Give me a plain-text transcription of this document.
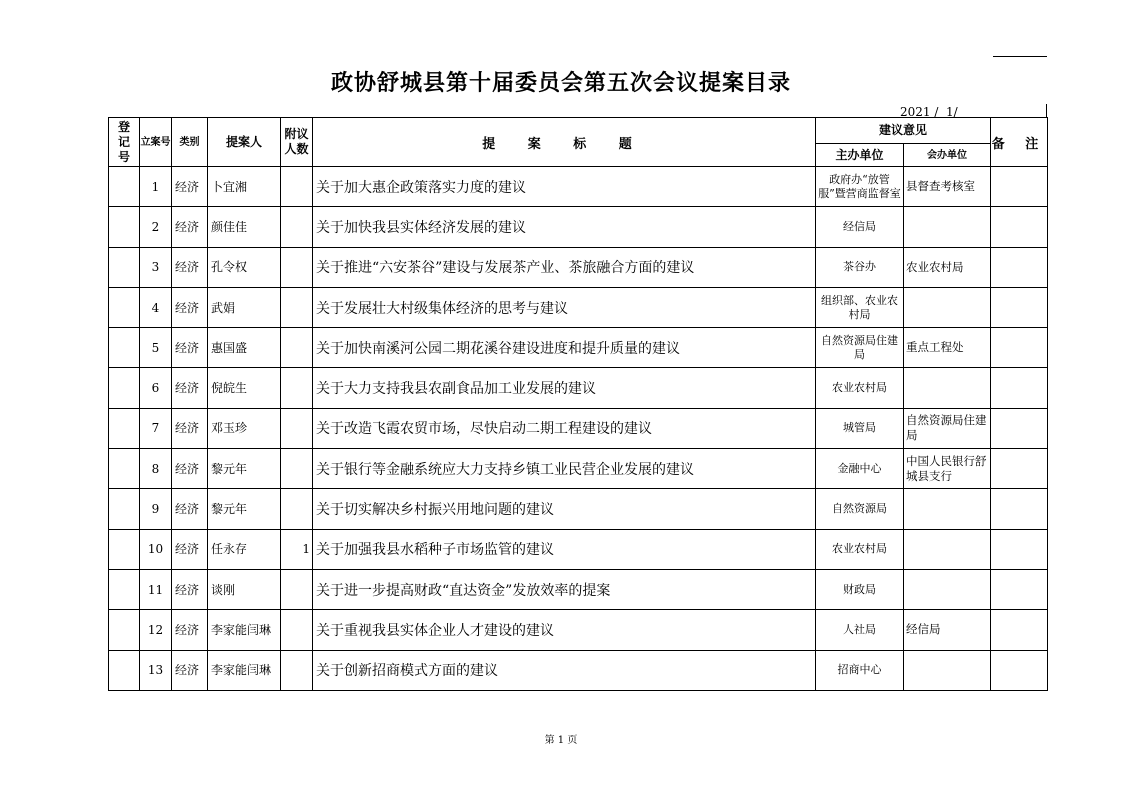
政协舒城县第十届委员会第五次会议提案目录
2021 /  1/
登记号	立案号	类别	提案人	附议人数	提 案 标 题	建议意见		备 注
						主办单位	会办单位	
	1	经济	卜宜湘		关于加大惠企政策落实力度的建议	政府办“放管服”暨营商监督室	县督查考核室	
	2	经济	颜佳佳		关于加快我县实体经济发展的建议	经信局		
	3	经济	孔令权		关于推进“六安茶谷”建设与发展茶产业、茶旅融合方面的建议	茶谷办	农业农村局	
	4	经济	武娟		关于发展壮大村级集体经济的思考与建议	组织部、农业农村局		
	5	经济	惠国盛		关于加快南溪河公园二期花溪谷建设进度和提升质量的建议	自然资源局住建局	重点工程处	
	6	经济	倪皖生		关于大力支持我县农副食品加工业发展的建议	农业农村局		
	7	经济	邓玉珍		关于改造飞霞农贸市场，尽快启动二期工程建设的建议	城管局	自然资源局住建局	
	8	经济	黎元年		关于银行等金融系统应大力支持乡镇工业民营企业发展的建议	金融中心	中国人民银行舒城县支行	
	9	经济	黎元年		关于切实解决乡村振兴用地问题的建议	自然资源局		
	10	经济	任永存	1	关于加强我县水稻种子市场监管的建议	农业农村局		
	11	经济	谈刚		关于进一步提高财政“直达资金”发放效率的提案	财政局		
	12	经济	李家能闫琳		关于重视我县实体企业人才建设的建议	人社局	经信局	
	13	经济	李家能闫琳		关于创新招商模式方面的建议	招商中心		
第 1 页
